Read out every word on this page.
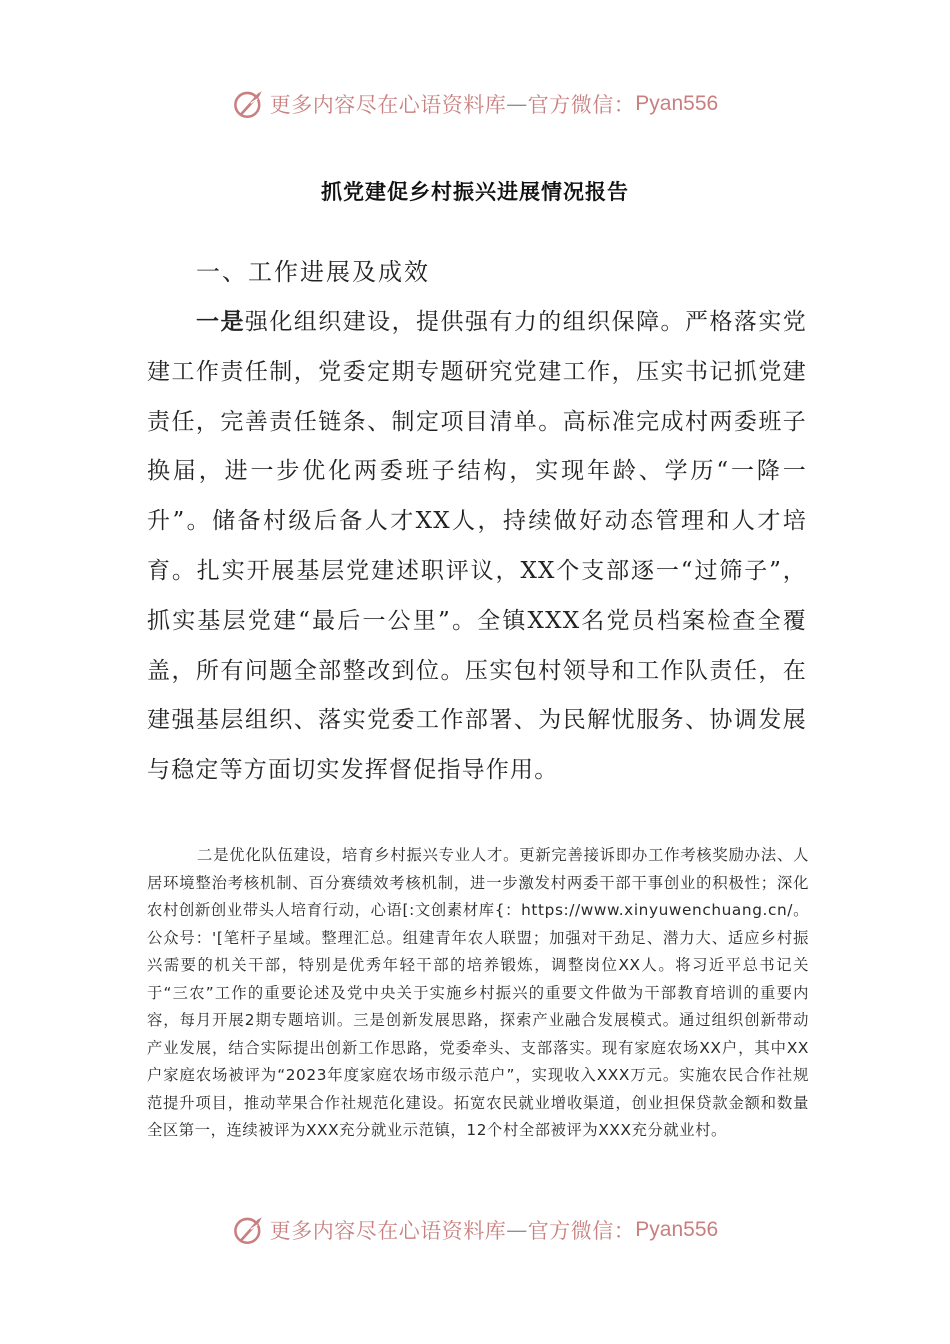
更多内容尽在心语资料库 — 官方微信： Pyan556
抓党建促乡村振兴进展情况报告
一、工作进展及成效

一是强化组织建设，提供强有力的组织保障。严格落实党建工作责任制，党委定期专题研究党建工作，压实书记抓党建责任，完善责任链条、制定项目清单。高标准完成村两委班子换届，进一步优化两委班子结构，实现年龄、学历“一降一升”。储备村级后备人才XX人，持续做好动态管理和人才培育。扎实开展基层党建述职评议，XX个支部逐一“过筛子”，抓实基层党建“最后一公里”。全镇XXX名党员档案检查全覆盖，所有问题全部整改到位。压实包村领导和工作队责任，在建强基层组织、落实党委工作部署、为民解忧服务、协调发展与稳定等方面切实发挥督促指导作用。

二是优化队伍建设，培育乡村振兴专业人才。更新完善接诉即办工作考核奖励办法、人居环境整治考核机制、百分赛绩效考核机制，进一步激发村两委干部干事创业的积极性；深化农村创新创业带头人培育行动，心语[:文创素材库{：https://www.xinyuwenchuang.cn/。公众号：'[笔杆子星域。整理汇总。组建青年农人联盟；加强对干劲足、潜力大、适应乡村振兴需要的机关干部，特别是优秀年轻干部的培养锻炼，调整岗位XX人。将习近平总书记关于“三农”工作的重要论述及党中央关于实施乡村振兴的重要文件做为干部教育培训的重要内容，每月开展2期专题培训。三是创新发展思路，探索产业融合发展模式。通过组织创新带动产业发展，结合实际提出创新工作思路，党委牵头、支部落实。现有家庭农场XX户，其中XX户家庭农场被评为“2023年度家庭农场市级示范户”，实现收入XXX万元。实施农民合作社规范提升项目，推动苹果合作社规范化建设。拓宽农民就业增收渠道，创业担保贷款金额和数量全区第一，连续被评为XXX充分就业示范镇，12个村全部被评为XXX充分就业村。

更多内容尽在心语资料库 — 官方微信： Pyan556
